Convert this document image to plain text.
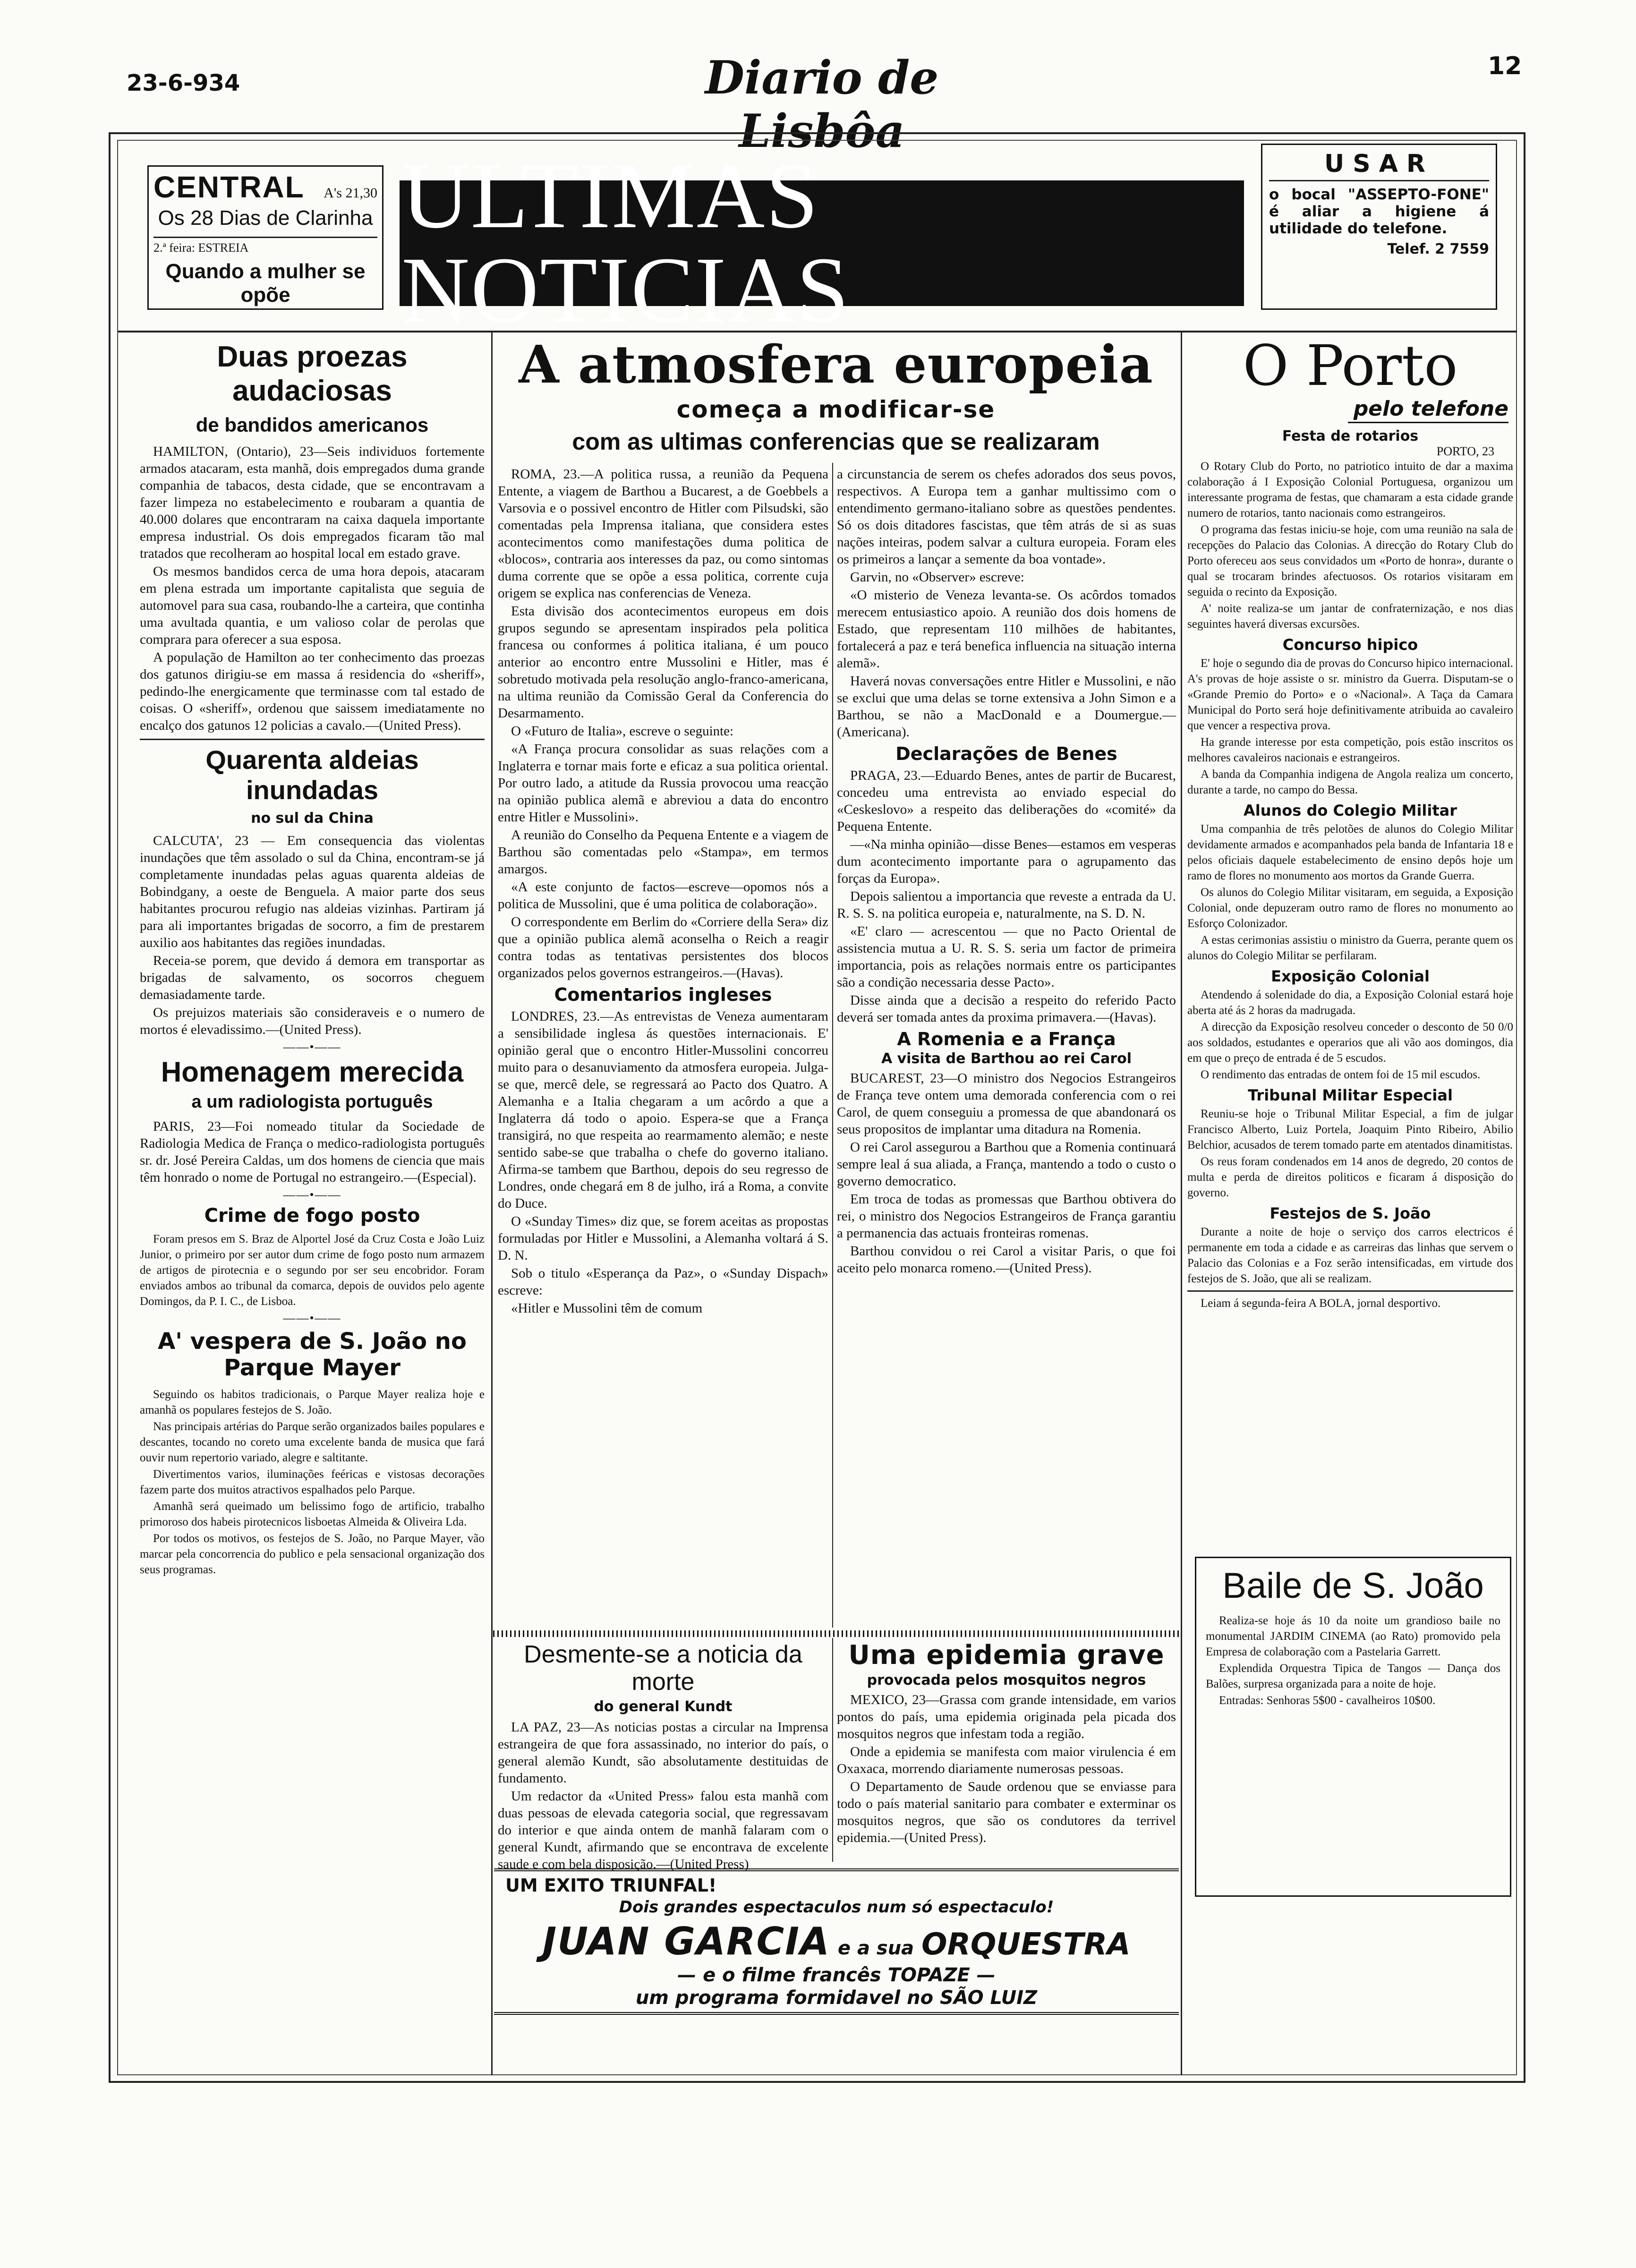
23-6-934	Diario de Lisbôa
12
CENTRAL A's 21,30
Os 28 Dias de Clarinha
2.ª feira: ESTREIA
Quando a mulher se opõe
ULTIMAS NOTICIAS
USAR
o bocal "ASSEPTO-FONE" é aliar a higiene á utilidade do telefone.
Telef. 2 7559
Duas proezas audaciosas
de bandidos americanos

HAMILTON, (Ontario), 23—Seis individuos fortemente armados atacaram, esta manhã, dois empregados duma grande companhia de tabacos, desta cidade, que se encontravam a fazer limpeza no estabelecimento e roubaram a quantia de 40.000 dolares que encontraram na caixa daquela importante empresa industrial. Os dois empregados ficaram tão mal tratados que recolheram ao hospital local em estado grave.

Os mesmos bandidos cerca de uma hora depois, atacaram em plena estrada um importante capitalista que seguia de automovel para sua casa, roubando-lhe a carteira, que continha uma avultada quantia, e um valioso colar de perolas que comprara para oferecer a sua esposa.

A população de Hamilton ao ter conhecimento das proezas dos gatunos dirigiu-se em massa á residencia do «sheriff», pedindo-lhe energicamente que terminasse com tal estado de coisas. O «sheriff», ordenou que saissem imediatamente no encalço dos gatunos 12 policias a cavalo.—(United Press).

Quarenta aldeias inundadas
no sul da China

CALCUTA', 23 — Em consequencia das violentas inundações que têm assolado o sul da China, encontram-se já completamente inundadas pelas aguas quarenta aldeias de Bobindgany, a oeste de Benguela. A maior parte dos seus habitantes procurou refugio nas aldeias vizinhas. Partiram já para ali importantes brigadas de socorro, a fim de prestarem auxilio aos habitantes das regiões inundadas.

Receia-se porem, que devido á demora em transportar as brigadas de salvamento, os socorros cheguem demasiadamente tarde.

Os prejuizos materiais são consideraveis e o numero de mortos é elevadissimo.—(United Press).

——•——
Homenagem merecida
a um radiologista português

PARIS, 23—Foi nomeado titular da Sociedade de Radiologia Medica de França o medico-radiologista português sr. dr. José Pereira Caldas, um dos homens de ciencia que mais têm honrado o nome de Portugal no estrangeiro.—(Especial).

——•——
Crime de fogo posto

Foram presos em S. Braz de Alportel José da Cruz Costa e João Luiz Junior, o primeiro por ser autor dum crime de fogo posto num armazem de artigos de pirotecnia e o segundo por ser seu encobridor. Foram enviados ambos ao tribunal da comarca, depois de ouvidos pelo agente Domingos, da P. I. C., de Lisboa.

——•——
A' vespera de S. João no Parque Mayer

Seguindo os habitos tradicionais, o Parque Mayer realiza hoje e amanhã os populares festejos de S. João.

Nas principais artérias do Parque serão organizados bailes populares e descantes, tocando no coreto uma excelente banda de musica que fará ouvir num repertorio variado, alegre e saltitante.

Divertimentos varios, iluminações feéricas e vistosas decorações fazem parte dos muitos atractivos espalhados pelo Parque.

Amanhã será queimado um belissimo fogo de artificio, trabalho primoroso dos habeis pirotecnicos lisboetas Almeida & Oliveira Lda.

Por todos os motivos, os festejos de S. João, no Parque Mayer, vão marcar pela concorrencia do publico e pela sensacional organização dos seus programas.

A atmosfera europeia
começa a modificar-se
com as ultimas conferencias que se realizaram

ROMA, 23.—A politica russa, a reunião da Pequena Entente, a viagem de Barthou a Bucarest, a de Goebbels a Varsovia e o possivel encontro de Hitler com Pilsudski, são comentadas pela Imprensa italiana, que considera estes acontecimentos como manifestações duma politica de «blocos», contraria aos interesses da paz, ou como sintomas duma corrente que se opõe a essa politica, corrente cuja origem se explica nas conferencias de Veneza.

Esta divisão dos acontecimentos europeus em dois grupos segundo se apresentam inspirados pela politica francesa ou conformes á politica italiana, é um pouco anterior ao encontro entre Mussolini e Hitler, mas é sobretudo motivada pela resolução anglo-franco-americana, na ultima reunião da Comissão Geral da Conferencia do Desarmamento.

O «Futuro de Italia», escreve o seguinte:

«A França procura consolidar as suas relações com a Inglaterra e tornar mais forte e eficaz a sua politica oriental. Por outro lado, a atitude da Russia provocou uma reacção na opinião publica alemã e abreviou a data do encontro entre Hitler e Mussolini».

A reunião do Conselho da Pequena Entente e a viagem de Barthou são comentadas pelo «Stampa», em termos amargos.

«A este conjunto de factos—escreve—opomos nós a politica de Mussolini, que é uma politica de colaboração».

O correspondente em Berlim do «Corriere della Sera» diz que a opinião publica alemã aconselha o Reich a reagir contra todas as tentativas persistentes dos blocos organizados pelos governos estrangeiros.—(Havas).

Comentarios ingleses

LONDRES, 23.—As entrevistas de Veneza aumentaram a sensibilidade inglesa ás questões internacionais. E' opinião geral que o encontro Hitler-Mussolini concorreu muito para o desanuviamento da atmosfera europeia. Julga-se que, mercê dele, se regressará ao Pacto dos Quatro. A Alemanha e a Italia chegaram a um acôrdo a que a Inglaterra dá todo o apoio. Espera-se que a França transigirá, no que respeita ao rearmamento alemão; e neste sentido sabe-se que trabalha o chefe do governo italiano. Afirma-se tambem que Barthou, depois do seu regresso de Londres, onde chegará em 8 de julho, irá a Roma, a convite do Duce.

O «Sunday Times» diz que, se forem aceitas as propostas formuladas por Hitler e Mussolini, a Alemanha voltará á S. D. N.

Sob o titulo «Esperança da Paz», o «Sunday Dispach» escreve:

«Hitler e Mussolini têm de comum

a circunstancia de serem os chefes adorados dos seus povos, respectivos. A Europa tem a ganhar multissimo com o entendimento germano-italiano sobre as questões pendentes. Só os dois ditadores fascistas, que têm atrás de si as suas nações inteiras, podem salvar a cultura europeia. Foram eles os primeiros a lançar a semente da boa vontade».

Garvin, no «Observer» escreve:

«O misterio de Veneza levanta-se. Os acôrdos tomados merecem entusiastico apoio. A reunião dos dois homens de Estado, que representam 110 milhões de habitantes, fortalecerá a paz e terá benefica influencia na situação interna alemã».

Haverá novas conversações entre Hitler e Mussolini, e não se exclui que uma delas se torne extensiva a John Simon e a Barthou, se não a MacDonald e a Doumergue.—(Americana).

Declarações de Benes

PRAGA, 23.—Eduardo Benes, antes de partir de Bucarest, concedeu uma entrevista ao enviado especial do «Ceskeslovo» a respeito das deliberações do «comité» da Pequena Entente.

—«Na minha opinião—disse Benes—estamos em vesperas dum acontecimento importante para o agrupamento das forças da Europa».

Depois salientou a importancia que reveste a entrada da U. R. S. S. na politica europeia e, naturalmente, na S. D. N.

«E' claro — acrescentou — que no Pacto Oriental de assistencia mutua a U. R. S. S. seria um factor de primeira importancia, pois as relações normais entre os participantes são a condição necessaria desse Pacto».

Disse ainda que a decisão a respeito do referido Pacto deverá ser tomada antes da proxima primavera.—(Havas).

A Romenia e a França
A visita de Barthou ao rei Carol

BUCAREST, 23—O ministro dos Negocios Estrangeiros de França teve ontem uma demorada conferencia com o rei Carol, de quem conseguiu a promessa de que abandonará os seus propositos de implantar uma ditadura na Romenia.

O rei Carol assegurou a Barthou que a Romenia continuará sempre leal á sua aliada, a França, mantendo a todo o custo o governo democratico.

Em troca de todas as promessas que Barthou obtivera do rei, o ministro dos Negocios Estrangeiros de França garantiu a permanencia das actuais fronteiras romenas.

Barthou convidou o rei Carol a visitar Paris, o que foi aceito pelo monarca romeno.—(United Press).

Desmente-se a noticia da morte
do general Kundt

LA PAZ, 23—As noticias postas a circular na Imprensa estrangeira de que fora assassinado, no interior do país, o general alemão Kundt, são absolutamente destituidas de fundamento.

Um redactor da «United Press» falou esta manhã com duas pessoas de elevada categoria social, que regressavam do interior e que ainda ontem de manhã falaram com o general Kundt, afirmando que se encontrava de excelente saude e com bela disposição.—(United Press)

Uma epidemia grave
provocada pelos mosquitos negros

MEXICO, 23—Grassa com grande intensidade, em varios pontos do país, uma epidemia originada pela picada dos mosquitos negros que infestam toda a região.

Onde a epidemia se manifesta com maior virulencia é em Oxaxaca, morrendo diariamente numerosas pessoas.

O Departamento de Saude ordenou que se enviasse para todo o país material sanitario para combater e exterminar os mosquitos negros, que são os condutores da terrivel epidemia.—(United Press).

UM EXITO TRIUNFAL!
Dois grandes espectaculos num só espectaculo!
JUAN GARCIA e a sua ORQUESTRA
— e o filme francês TOPAZE —
um programa formidavel no SÃO LUIZ
O Porto
pelo telefone
Festa de rotarios
PORTO, 23

O Rotary Club do Porto, no patriotico intuito de dar a maxima colaboração á I Exposição Colonial Portuguesa, organizou um interessante programa de festas, que chamaram a esta cidade grande numero de rotarios, tanto nacionais como estrangeiros.

O programa das festas iniciu-se hoje, com uma reunião na sala de recepções do Palacio das Colonias. A direcção do Rotary Club do Porto ofereceu aos seus convidados um «Porto de honra», durante o qual se trocaram brindes afectuosos. Os rotarios visitaram em seguida o recinto da Exposição.

A' noite realiza-se um jantar de confraternização, e nos dias seguintes haverá diversas excursões.

Concurso hipico

E' hoje o segundo dia de provas do Concurso hipico internacional. A's provas de hoje assiste o sr. ministro da Guerra. Disputam-se o «Grande Premio do Porto» e o «Nacional». A Taça da Camara Municipal do Porto será hoje definitivamente atribuida ao cavaleiro que vencer a respectiva prova.

Ha grande interesse por esta competição, pois estão inscritos os melhores cavaleiros nacionais e estrangeiros.

A banda da Companhia indigena de Angola realiza um concerto, durante a tarde, no campo do Bessa.

Alunos do Colegio Militar

Uma companhia de três pelotões de alunos do Colegio Militar devidamente armados e acompanhados pela banda de Infantaria 18 e pelos oficiais daquele estabelecimento de ensino depôs hoje um ramo de flores no monumento aos mortos da Grande Guerra.

Os alunos do Colegio Militar visitaram, em seguida, a Exposição Colonial, onde depuzeram outro ramo de flores no monumento ao Esforço Colonizador.

A estas cerimonias assistiu o ministro da Guerra, perante quem os alunos do Colegio Militar se perfilaram.

Exposição Colonial

Atendendo á solenidade do dia, a Exposição Colonial estará hoje aberta até ás 2 horas da madrugada.

A direcção da Exposição resolveu conceder o desconto de 50 0/0 aos soldados, estudantes e operarios que ali vão aos domingos, dia em que o preço de entrada é de 5 escudos.

O rendimento das entradas de ontem foi de 15 mil escudos.

Tribunal Militar Especial

Reuniu-se hoje o Tribunal Militar Especial, a fim de julgar Francisco Alberto, Luiz Portela, Joaquim Pinto Ribeiro, Abilio Belchior, acusados de terem tomado parte em atentados dinamitistas.

Os reus foram condenados em 14 anos de degredo, 20 contos de multa e perda de direitos politicos e ficaram á disposição do governo.

Festejos de S. João

Durante a noite de hoje o serviço dos carros electricos é permanente em toda a cidade e as carreiras das linhas que servem o Palacio das Colonias e a Foz serão intensificadas, em virtude dos festejos de S. João, que ali se realizam.

Leiam á segunda-feira A BOLA, jornal desportivo.

Baile de S. João

Realiza-se hoje ás 10 da noite um grandioso baile no monumental JARDIM CINEMA (ao Rato) promovido pela Empresa de colaboração com a Pastelaria Garrett.

Explendida Orquestra Tipica de Tangos — Dança dos Balões, surpresa organizada para a noite de hoje.

Entradas: Senhoras 5$00 - cavalheiros 10$00.
